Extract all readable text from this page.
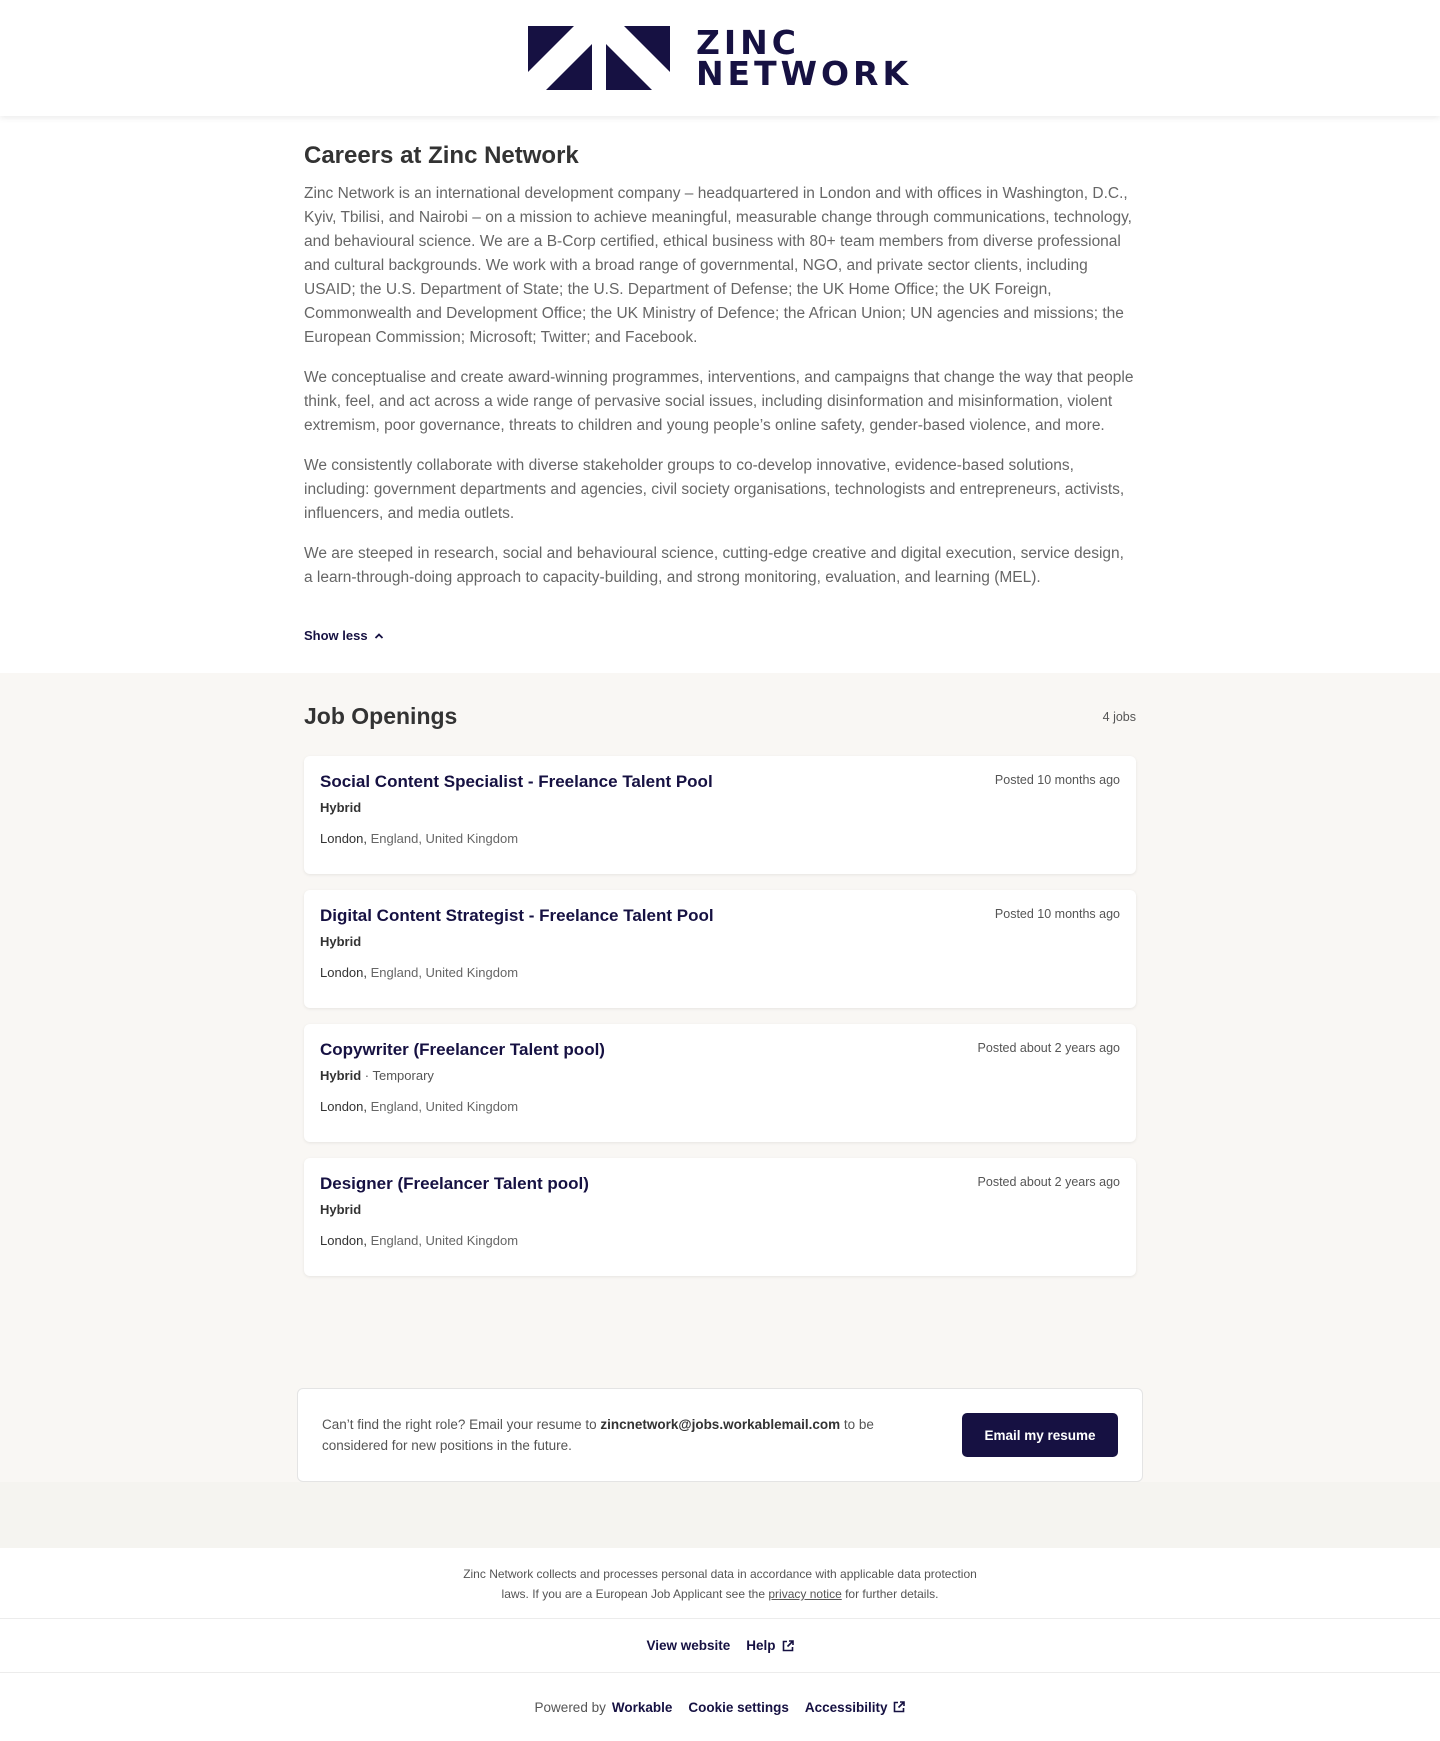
ZINC
NETWORK
Careers at Zinc Network

Zinc Network is an international development company – headquartered in London and with offices in Washington, D.C., Kyiv, Tbilisi, and Nairobi – on a mission to achieve meaningful, measurable change through communications, technology, and behavioural science. We are a B-Corp certified, ethical business with 80+ team members from diverse professional and cultural backgrounds. We work with a broad range of governmental, NGO, and private sector clients, including USAID; the U.S. Department of State; the U.S. Department of Defense; the UK Home Office; the UK Foreign, Commonwealth and Development Office; the UK Ministry of Defence; the African Union; UN agencies and missions; the European Commission; Microsoft; Twitter; and Facebook.

We conceptualise and create award-winning programmes, interventions, and campaigns that change the way that people think, feel, and act across a wide range of pervasive social issues, including disinformation and misinformation, violent extremism, poor governance, threats to children and young people’s online safety, gender-based violence, and more.

We consistently collaborate with diverse stakeholder groups to co-develop innovative, evidence-based solutions, including: government departments and agencies, civil society organisations, technologists and entrepreneurs, activists, influencers, and media outlets.

We are steeped in research, social and behavioural science, cutting-edge creative and digital execution, service design, a learn-through-doing approach to capacity-building, and strong monitoring, evaluation, and learning (MEL).

Show less
Job Openings	4 jobs
Social Content Specialist - Freelance Talent Pool	Posted 10 months ago
Hybrid
London, England, United Kingdom
Digital Content Strategist - Freelance Talent Pool	Posted 10 months ago
Hybrid
London, England, United Kingdom
Copywriter (Freelancer Talent pool)	Posted about 2 years ago
Hybrid · Temporary
London, England, United Kingdom
Designer (Freelancer Talent pool)	Posted about 2 years ago
Hybrid
London, England, United Kingdom
Can’t find the right role? Email your resume to zincnetwork@jobs.workablemail.com to be considered for new positions in the future.
Email my resume
Zinc Network collects and processes personal data in accordance with applicable data protection
laws. If you are a European Job Applicant see the privacy notice for further details.
View website Help
Powered by Workable Cookie settings Accessibility
